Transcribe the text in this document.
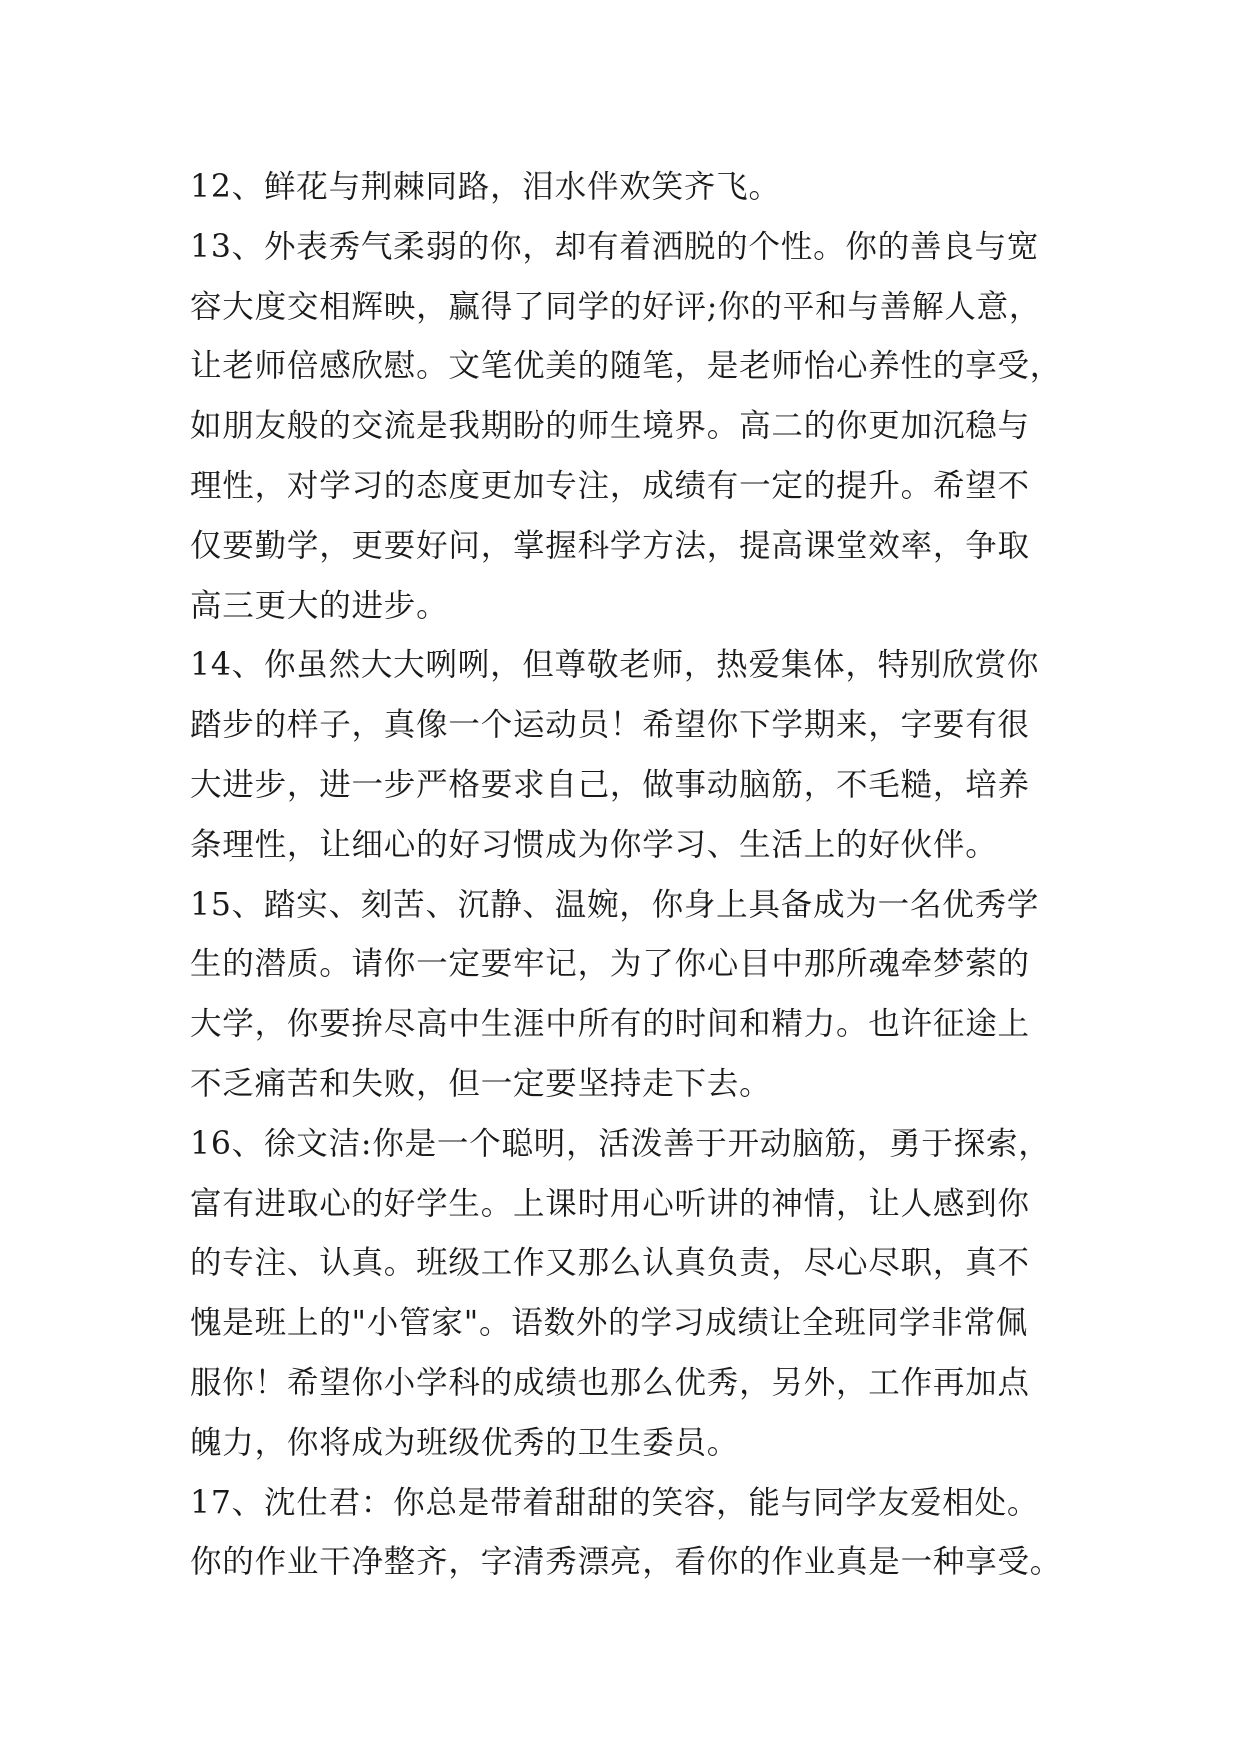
12、鲜花与荆棘同路，泪水伴欢笑齐飞。
13、外表秀气柔弱的你，却有着洒脱的个性。你的善良与宽
容大度交相辉映，赢得了同学的好评;你的平和与善解人意，
让老师倍感欣慰。文笔优美的随笔，是老师怡心养性的享受，
如朋友般的交流是我期盼的师生境界。高二的你更加沉稳与
理性，对学习的态度更加专注，成绩有一定的提升。希望不
仅要勤学，更要好问，掌握科学方法，提高课堂效率，争取
高三更大的进步。
14、你虽然大大咧咧，但尊敬老师，热爱集体，特别欣赏你
踏步的样子，真像一个运动员！希望你下学期来，字要有很
大进步，进一步严格要求自己，做事动脑筋，不毛糙，培养
条理性，让细心的好习惯成为你学习、生活上的好伙伴。
15、踏实、刻苦、沉静、温婉，你身上具备成为一名优秀学
生的潜质。请你一定要牢记，为了你心目中那所魂牵梦萦的
大学，你要拚尽高中生涯中所有的时间和精力。也许征途上
不乏痛苦和失败，但一定要坚持走下去。
16、徐文洁:你是一个聪明，活泼善于开动脑筋，勇于探索，
富有进取心的好学生。上课时用心听讲的神情，让人感到你
的专注、认真。班级工作又那么认真负责，尽心尽职，真不
愧是班上的"小管家"。语数外的学习成绩让全班同学非常佩
服你！希望你小学科的成绩也那么优秀，另外，工作再加点
魄力，你将成为班级优秀的卫生委员。
17、沈仕君：你总是带着甜甜的笑容，能与同学友爱相处。
你的作业干净整齐，字清秀漂亮，看你的作业真是一种享受。
